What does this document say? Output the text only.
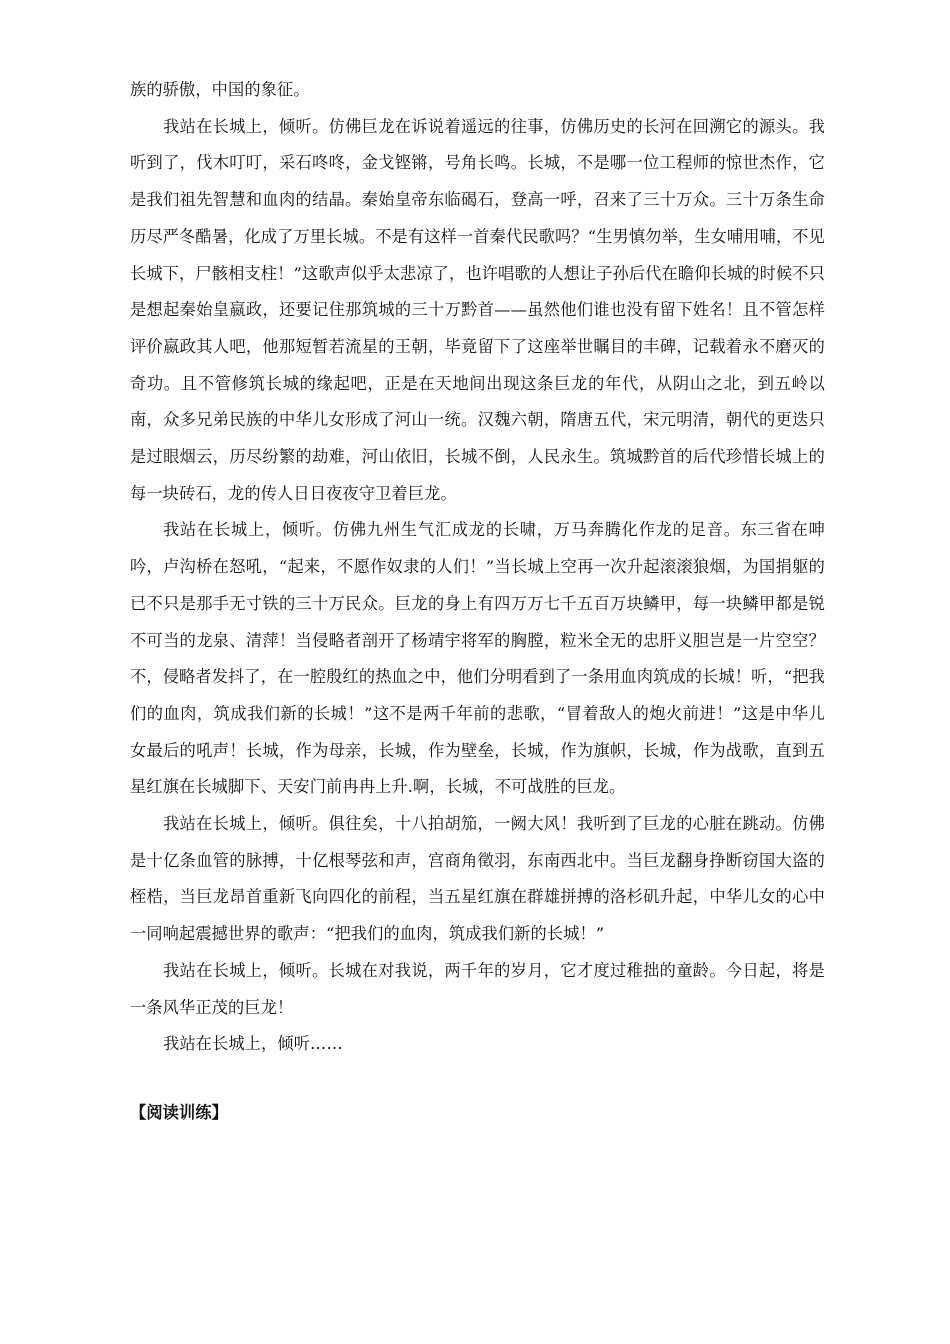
族的骄傲，中国的象征。

我站在长城上，倾听。仿佛巨龙在诉说着遥远的往事，仿佛历史的长河在回溯它的源头。我听到了，伐木叮叮，采石咚咚，金戈铿锵，号角长鸣。长城，不是哪一位工程师的惊世杰作，它是我们祖先智慧和血肉的结晶。秦始皇帝东临碣石，登高一呼，召来了三十万众。三十万条生命历尽严冬酷暑，化成了万里长城。不是有这样一首秦代民歌吗？“生男慎勿举，生女哺用哺，不见长城下，尸骸相支柱！”这歌声似乎太悲凉了，也许唱歌的人想让子孙后代在瞻仰长城的时候不只是想起秦始皇嬴政，还要记住那筑城的三十万黔首——虽然他们谁也没有留下姓名！且不管怎样评价嬴政其人吧，他那短暂若流星的王朝，毕竟留下了这座举世瞩目的丰碑，记载着永不磨灭的奇功。且不管修筑长城的缘起吧，正是在天地间出现这条巨龙的年代，从阴山之北，到五岭以南，众多兄弟民族的中华儿女形成了河山一统。汉魏六朝，隋唐五代，宋元明清，朝代的更迭只是过眼烟云，历尽纷繁的劫难，河山依旧，长城不倒，人民永生。筑城黔首的后代珍惜长城上的每一块砖石，龙的传人日日夜夜守卫着巨龙。

我站在长城上，倾听。仿佛九州生气汇成龙的长啸，万马奔腾化作龙的足音。东三省在呻吟，卢沟桥在怒吼，“起来，不愿作奴隶的人们！”当长城上空再一次升起滚滚狼烟，为国捐躯的已不只是那手无寸铁的三十万民众。巨龙的身上有四万万七千五百万块鳞甲，每一块鳞甲都是锐不可当的龙泉、清萍！当侵略者剖开了杨靖宇将军的胸膛，粒米全无的忠肝义胆岂是一片空空？不，侵略者发抖了，在一腔殷红的热血之中，他们分明看到了一条用血肉筑成的长城！听，“把我们的血肉，筑成我们新的长城！”这不是两千年前的悲歌，“冒着敌人的炮火前进！”这是中华儿女最后的吼声！长城，作为母亲，长城，作为壁垒，长城，作为旗帜，长城，作为战歌，直到五星红旗在长城脚下、天安门前冉冉上升.啊，长城，不可战胜的巨龙。

我站在长城上，倾听。俱往矣，十八拍胡笳，一阙大风！我听到了巨龙的心脏在跳动。仿佛是十亿条血管的脉搏，十亿根琴弦和声，宫商角徵羽，东南西北中。当巨龙翻身挣断窃国大盗的桎梏，当巨龙昂首重新飞向四化的前程，当五星红旗在群雄拼搏的洛杉矶升起，中华儿女的心中一同响起震撼世界的歌声：“把我们的血肉，筑成我们新的长城！”

我站在长城上，倾听。长城在对我说，两千年的岁月，它才度过稚拙的童龄。今日起，将是一条风华正茂的巨龙！

我站在长城上，倾听……

【阅读训练】
